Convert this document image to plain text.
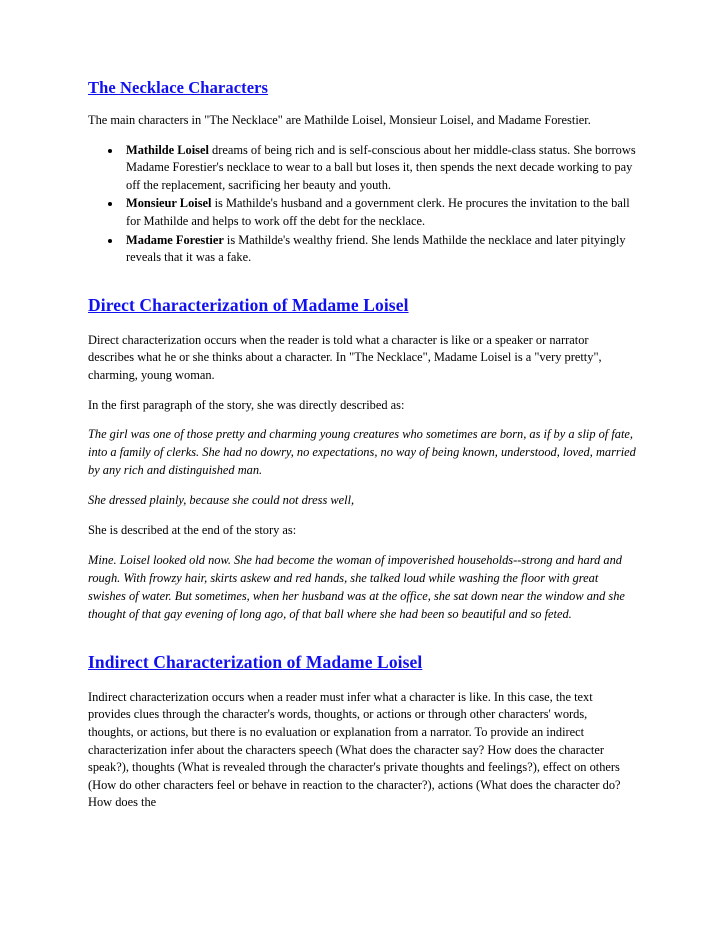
The Necklace Characters

The main characters in "The Necklace" are Mathilde Loisel, Monsieur Loisel, and Madame Forestier.

• Mathilde Loisel dreams of being rich and is self-conscious about her middle-class status. She borrows Madame Forestier's necklace to wear to a ball but loses it, then spends the next decade working to pay off the replacement, sacrificing her beauty and youth.
• Monsieur Loisel is Mathilde's husband and a government clerk. He procures the invitation to the ball for Mathilde and helps to work off the debt for the necklace.
• Madame Forestier is Mathilde's wealthy friend. She lends Mathilde the necklace and later pityingly reveals that it was a fake.
Direct Characterization of Madame Loisel

Direct characterization occurs when the reader is told what a character is like or a speaker or narrator describes what he or she thinks about a character. In "The Necklace", Madame Loisel is a "very pretty", charming, young woman.

In the first paragraph of the story, she was directly described as:

The girl was one of those pretty and charming young creatures who sometimes are born, as if by a slip of fate, into a family of clerks. She had no dowry, no expectations, no way of being known, understood, loved, married by any rich and distinguished man.

She dressed plainly, because she could not dress well,

She is described at the end of the story as:

Mine. Loisel looked old now. She had become the woman of impoverished households--strong and hard and rough. With frowzy hair, skirts askew and red hands, she talked loud while washing the floor with great swishes of water. But sometimes, when her husband was at the office, she sat down near the window and she thought of that gay evening of long ago, of that ball where she had been so beautiful and so feted.

Indirect Characterization of Madame Loisel

Indirect characterization occurs when a reader must infer what a character is like. In this case, the text provides clues through the character's words, thoughts, or actions or through other characters' words, thoughts, or actions, but there is no evaluation or explanation from a narrator. To provide an indirect characterization infer about the characters speech (What does the character say? How does the character speak?), thoughts (What is revealed through the character's private thoughts and feelings?), effect on others (How do other characters feel or behave in reaction to the character?), actions (What does the character do? How does the
